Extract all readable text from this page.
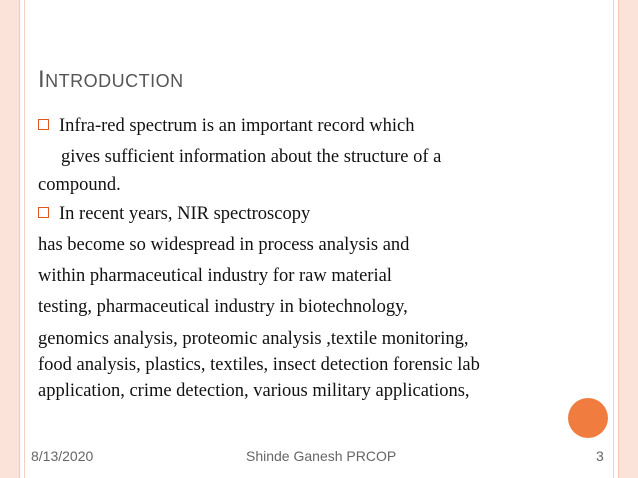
INTRODUCTION
Infra-red spectrum is an important record which
gives sufficient information about the structure of a
compound.
In recent years, NIR spectroscopy
has become so widespread in process analysis and
within pharmaceutical industry for raw material
testing, pharmaceutical industry in biotechnology,
genomics analysis, proteomic analysis ,textile monitoring,
food analysis, plastics, textiles, insect detection forensic lab
application, crime detection, various military applications,
8/13/2020	Shinde Ganesh PRCOP	3
